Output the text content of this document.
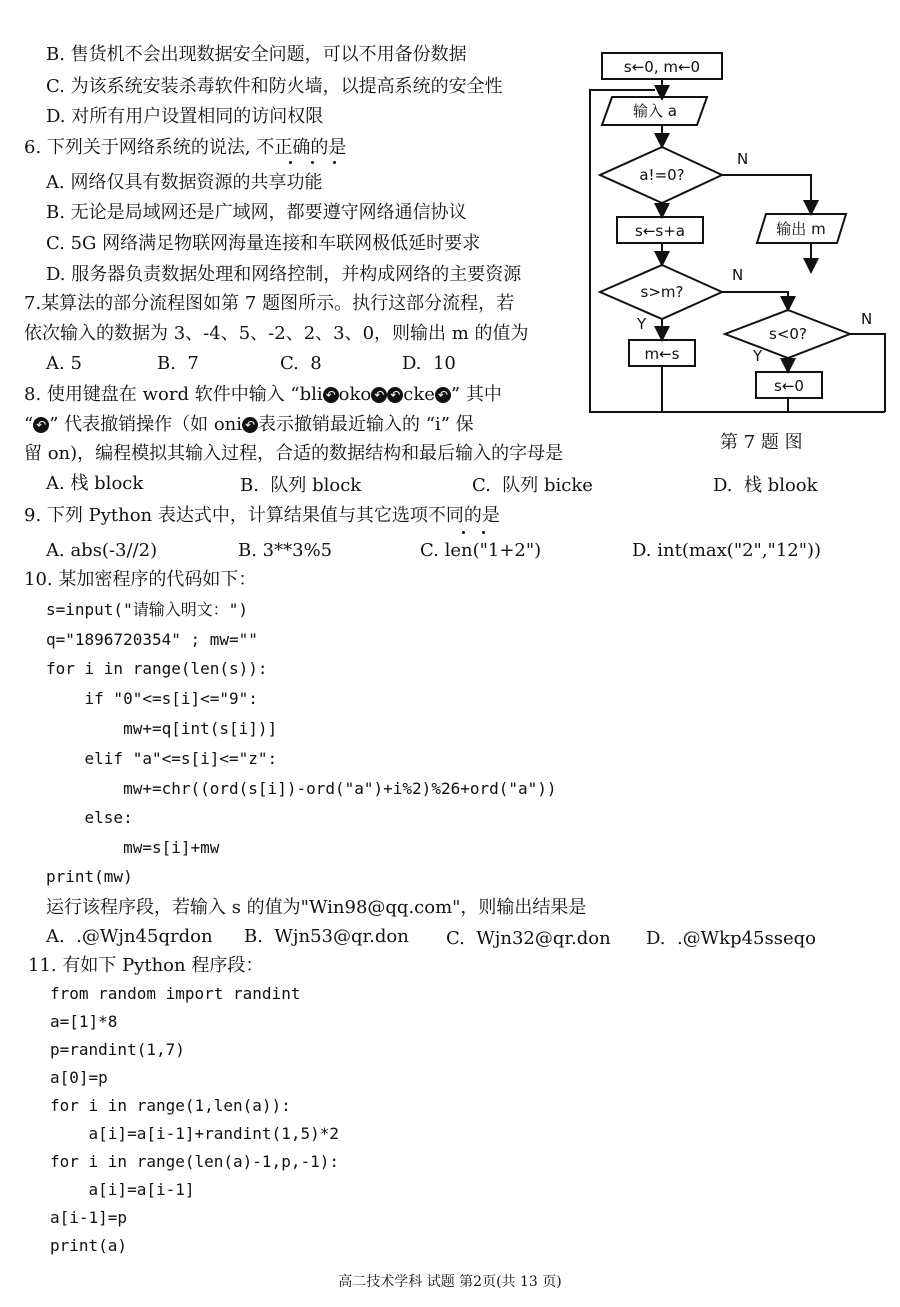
B. 售货机不会出现数据安全问题，可以不用备份数据
C. 为该系统安装杀毒软件和防火墙，以提高系统的安全性
D. 对所有用户设置相同的访问权限
6. 下列关于网络系统的说法, 不正确的是
A. 网络仅具有数据资源的共享功能
B. 无论是局域网还是广域网，都要遵守网络通信协议
C. 5G 网络满足物联网海量连接和车联网极低延时要求
D. 服务器负责数据处理和网络控制，并构成网络的主要资源
7.某算法的部分流程图如第 7 题图所示。执行这部分流程，若
依次输入的数据为 3、-4、5、-2、2、3、0，则输出 m 的值为
A. 5	B.  7	C.  8	D.  10
8. 使用键盘在 word 软件中输入 “bli ↶ oko ↶ ↶ cke ↶ ” 其中
“ ↶ ” 代表撤销操作（如 oni ↶ 表示撤销最近输入的 “i” 保
留 on)，编程模拟其输入过程，合适的数据结构和最后输入的字母是
A. 栈 block	B.  队列 block	C.  队列 bicke	D.  栈 blook
9. 下列 Python 表达式中，计算结果值与其它选项不同的是
A. abs(-3//2)	B. 3**3%5	C. len("1+2")	D. int(max("2","12"))
10. 某加密程序的代码如下：
s=input("请输入明文：")
q="1896720354" ; mw=""
for i in range(len(s)):
if "0"<=s[i]<="9":
mw+=q[int(s[i])]
elif "a"<=s[i]<="z":
mw+=chr((ord(s[i])-ord("a")+i%2)%26+ord("a"))
else:
mw=s[i]+mw
print(mw)
运行该程序段，若输入 s 的值为"Win98@qq.com"，则输出结果是
A.  .@Wjn45qrdon B.  Wjn53@qr.don C.  Wjn32@qr.don D.  .@Wkp45sseqo
11. 有如下 Python 程序段：
from random import randint
a=[1]*8
p=randint(1,7)
a[0]=p
for i in range(1,len(a)):
a[i]=a[i-1]+randint(1,5)*2
for i in range(len(a)-1,p,-1):
a[i]=a[i-1]
a[i-1]=p
print(a)
s←0, m←0
输入 a
a!=0?
N
s←s+a	输出 m
s>m?
N
Y
m←s
s<0?
Y
N
s←0
第 7 题 图
高二技术学科 试题 第2页(共 13 页)
